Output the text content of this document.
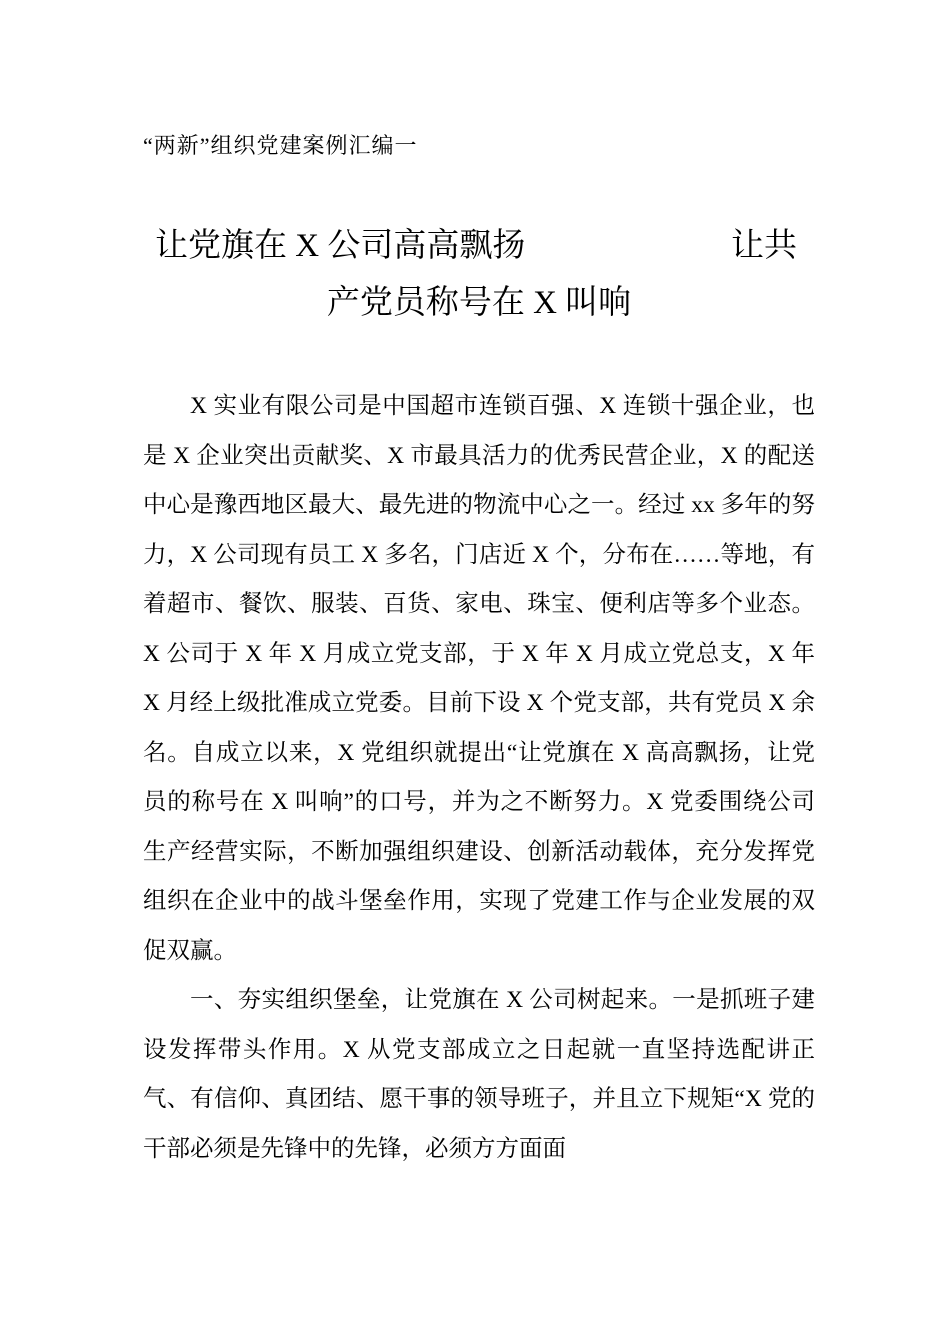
“两新”组织党建案例汇编一
让党旗在 X 公司高高飘扬	让共
产党员称号在 X 叫响

X 实业有限公司是中国超市连锁百强、X 连锁十强企业，也是 X 企业突出贡献奖、X 市最具活力的优秀民营企业，X 的配送中心是豫西地区最大、最先进的物流中心之一。经过 xx 多年的努力，X 公司现有员工 X 多名，门店近 X 个，分布在……等地，有着超市、餐饮、服装、百货、家电、珠宝、便利店等多个业态。X 公司于 X 年 X 月成立党支部，于 X 年 X 月成立党总支，X 年 X 月经上级批准成立党委。目前下设 X 个党支部，共有党员 X 余名。自成立以来，X 党组织就提出“让党旗在 X 高高飘扬，让党员的称号在 X 叫响”的口号，并为之不断努力。X 党委围绕公司生产经营实际，不断加强组织建设、创新活动载体，充分发挥党组织在企业中的战斗堡垒作用，实现了党建工作与企业发展的双促双赢。

一、夯实组织堡垒，让党旗在 X 公司树起来。一是抓班子建设发挥带头作用。X 从党支部成立之日起就一直坚持选配讲正气、有信仰、真团结、愿干事的领导班子，并且立下规矩“X 党的干部必须是先锋中的先锋，必须方方面面
